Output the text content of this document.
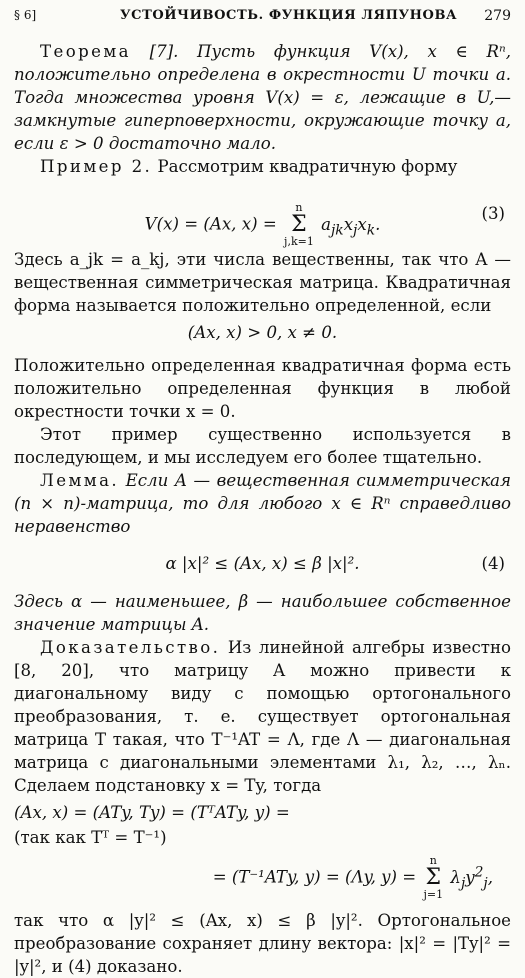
§ 6]	УСТОЙЧИВОСТЬ. ФУНКЦИЯ ЛЯПУНОВА 279

Теорема [7]. Пусть функция V(x), x ∈ Rⁿ, положительно определена в окрестности U точки a. Тогда множества уровня V(x) = ε, лежащие в U,— замкнутые гиперповерхности, окружающие точку a, если ε > 0 достаточно мало.

Пример 2. Рассмотрим квадратичную форму

V(x) = (Ax, x) = n
Σ
j,k=1 $a_{jk}x_jx_k$.
(3)

Здесь a_jk = a_kj, эти числа вещественны, так что A — вещественная симметрическая матрица. Квадратичная форма называется положительно определенной, если

(Ax, x) > 0, x ≠ 0.

Положительно определенная квадратичная форма есть положительно определенная функция в любой окрестности точки x = 0.

Этот пример существенно используется в последующем, и мы исследуем его более тщательно.

Лемма. Если A — вещественная симметрическая (n × n)-матрица, то для любого x ∈ Rⁿ справедливо неравенство

α |x|² ≤ (Ax, x) ≤ β |x|².	(4)

Здесь α — наименьшее, β — наибольшее собственное значение матрицы A.

Доказательство. Из линейной алгебры известно [8, 20], что матрицу A можно привести к диагональному виду с помощью ортогонального преобразования, т. е. существует ортогональная матрица T такая, что T⁻¹AT = Λ, где Λ — диагональная матрица с диагональными элементами λ₁, λ₂, …, λₙ. Сделаем подстановку x = Ty, тогда

(Ax, x) = (ATy, Ty) = (TᵀATy, y) =
(так как Tᵀ = T⁻¹)
= (T⁻¹ATy, y) = (Λy, y) = n
Σ
j=1 $\lambda_jy^2_j$,

так что α |y|² ≤ (Ax, x) ≤ β |y|². Ортогональное преобразование сохраняет длину вектора: |x|² = |Ty|² = |y|², и (4) доказано.
